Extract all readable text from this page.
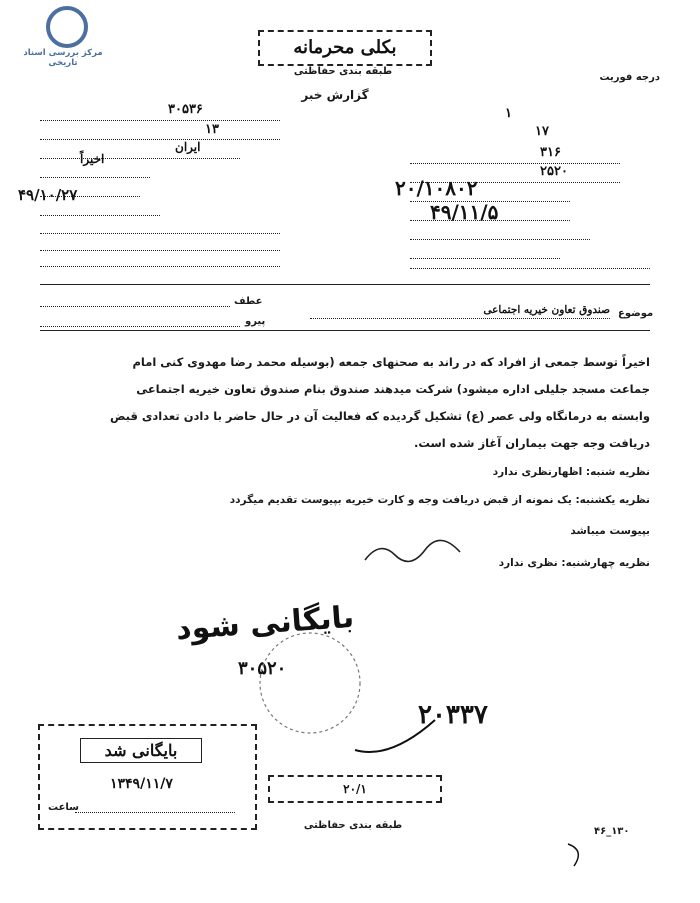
مرکز بررسی اسناد تاریخی
بکلی محرمانه
طبقه بندی حفاظتی
درجه فوریت
گزارش خبر
۳۰۵۳۶
۱۳
ایران
اخیراً
۴۹/۱۰/۲۷
۱
۱۷
۳۱۶
۲۵۲۰
۲۰/۱۰۸۰۲
۴۹/۱۱/۵
عطف
پیرو
موضوع
صندوق تعاون خیریه اجتماعی
اخیراً توسط جمعی از افراد که در راند به صحنهای جمعه (بوسیله محمد رضا مهدوی کنی امام
جماعت مسجد جلیلی اداره میشود) شرکت میدهند صندوق بنام صندوق تعاون خیریه اجتماعی
وابسته به درمانگاه ولی عصر (ع) تشکیل گردیده که فعالیت آن در حال حاضر با دادن تعدادی قبض
دریافت وجه جهت بیماران آغاز شده است.
نظریه شنبه: اظهارنظری ندارد
نظریه یکشنبه: یک نمونه از قبض دریافت وجه و کارت خیریه بپیوست تقدیم میگردد
بپیوست میباشد
نظریه چهارشنبه: نظری ندارد
بایگانی شود
۳۰۵۲۰
۲۰۳۳۷
بایگانی شد
۱۳۴۹/۱۱/۷
ساعت
۲۰/۱
طبقه بندی حفاظتی
۴۶_۱۳۰
